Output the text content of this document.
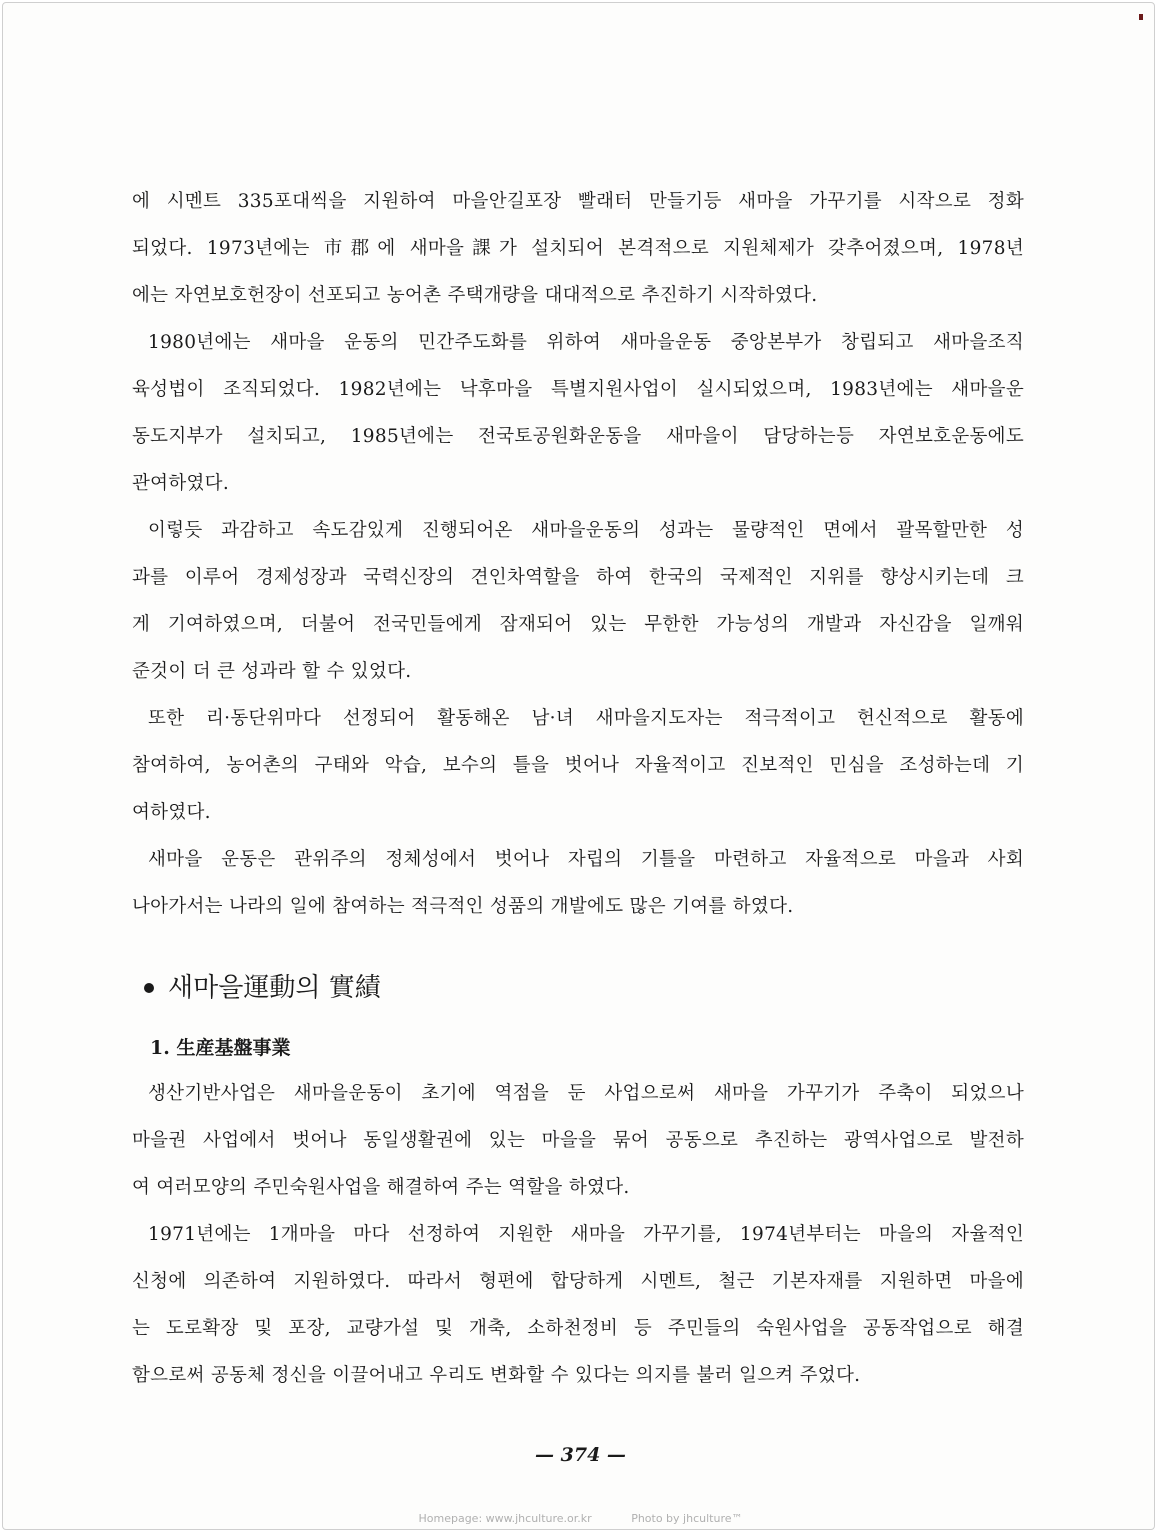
에 시멘트 335포대씩을 지원하여 마을안길포장 빨래터 만들기등 새마을 가꾸기를 시작으로 정화
되었다. 1973년에는 市郡에 새마을課가 설치되어 본격적으로 지원체제가 갖추어졌으며, 1978년
에는 자연보호헌장이 선포되고 농어촌 주택개량을 대대적으로 추진하기 시작하였다.
1980년에는 새마을 운동의 민간주도화를 위하여 새마을운동 중앙본부가 창립되고 새마을조직
육성법이 조직되었다. 1982년에는 낙후마을 특별지원사업이 실시되었으며, 1983년에는 새마을운
동도지부가 설치되고, 1985년에는 전국토공원화운동을 새마을이 담당하는등 자연보호운동에도
관여하였다.
이렇듯 과감하고 속도감있게 진행되어온 새마을운동의 성과는 물량적인 면에서 괄목할만한 성
과를 이루어 경제성장과 국력신장의 견인차역할을 하여 한국의 국제적인 지위를 향상시키는데 크
게 기여하였으며, 더불어 전국민들에게 잠재되어 있는 무한한 가능성의 개발과 자신감을 일깨워
준것이 더 큰 성과라 할 수 있었다.
또한 리·동단위마다 선정되어 활동해온 남·녀 새마을지도자는 적극적이고 헌신적으로 활동에
참여하여, 농어촌의 구태와 악습, 보수의 틀을 벗어나 자율적이고 진보적인 민심을 조성하는데 기
여하였다.
새마을 운동은 관위주의 정체성에서 벗어나 자립의 기틀을 마련하고 자율적으로 마을과 사회
나아가서는 나라의 일에 참여하는 적극적인 성품의 개발에도 많은 기여를 하였다.
새마을運動의 實績
1. 生産基盤事業
생산기반사업은 새마을운동이 초기에 역점을 둔 사업으로써 새마을 가꾸기가 주축이 되었으나
마을권 사업에서 벗어나 동일생활권에 있는 마을을 묶어 공동으로 추진하는 광역사업으로 발전하
여 여러모양의 주민숙원사업을 해결하여 주는 역할을 하였다.
1971년에는 1개마을 마다 선정하여 지원한 새마을 가꾸기를, 1974년부터는 마을의 자율적인
신청에 의존하여 지원하였다. 따라서 형편에 합당하게 시멘트, 철근 기본자재를 지원하면 마을에
는 도로확장 및 포장, 교량가설 및 개축, 소하천정비 등 주민들의 숙원사업을 공동작업으로 해결
함으로써 공동체 정신을 이끌어내고 우리도 변화할 수 있다는 의지를 불러 일으켜 주었다.
— 374 —
Homepage: www.jhculture.or.kr	Photo by jhculture™
